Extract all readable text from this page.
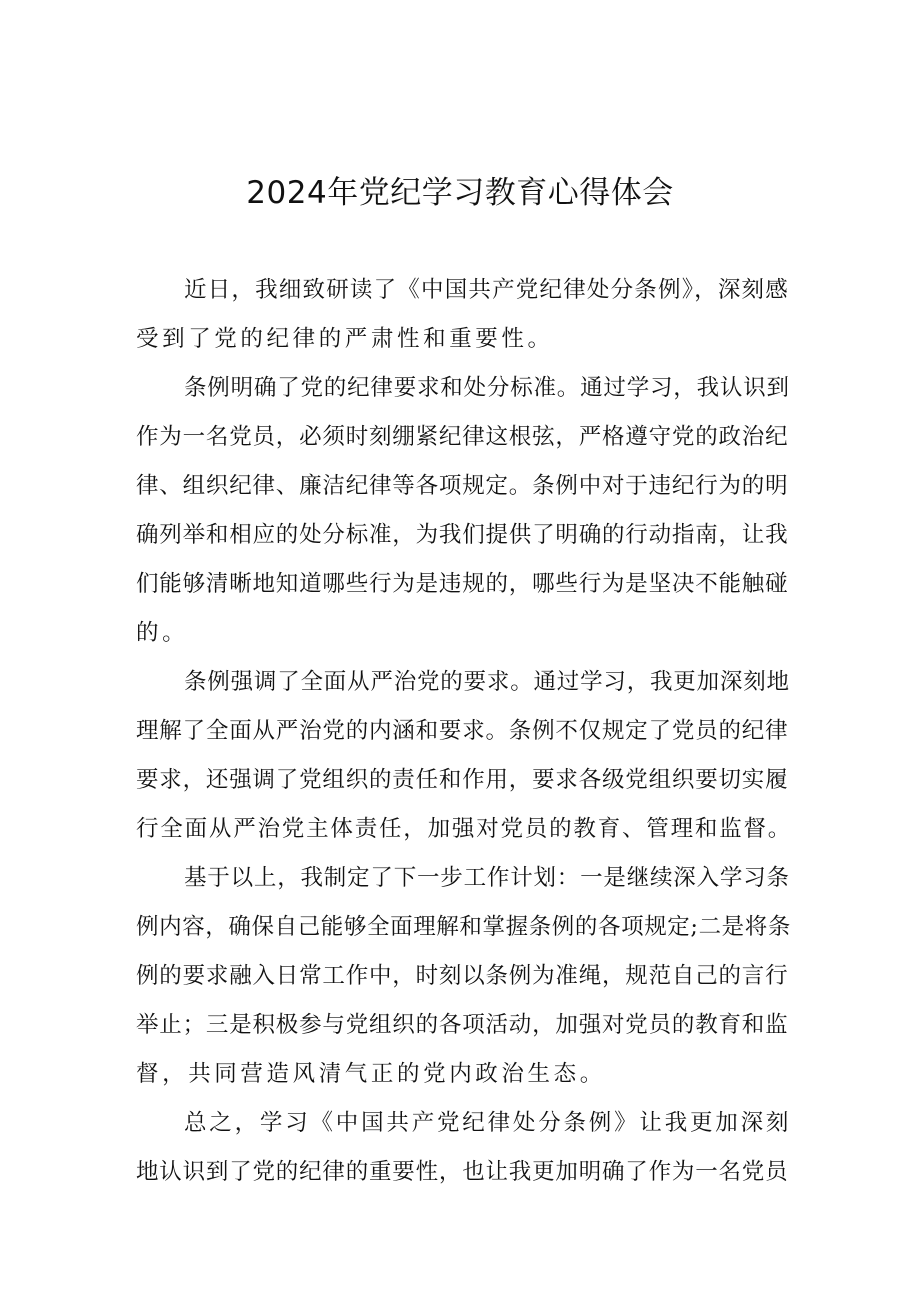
2024年党纪学习教育心得体会
近日，我细致研读了《中国共产党纪律处分条例》，深刻感
受到了党的纪律的严肃性和重要性。
条例明确了党的纪律要求和处分标准。通过学习，我认识到
作为一名党员，必须时刻绷紧纪律这根弦，严格遵守党的政治纪
律、组织纪律、廉洁纪律等各项规定。条例中对于违纪行为的明
确列举和相应的处分标准，为我们提供了明确的行动指南，让我
们能够清晰地知道哪些行为是违规的，哪些行为是坚决不能触碰
的。
条例强调了全面从严治党的要求。通过学习，我更加深刻地
理解了全面从严治党的内涵和要求。条例不仅规定了党员的纪律
要求，还强调了党组织的责任和作用，要求各级党组织要切实履
行全面从严治党主体责任，加强对党员的教育、管理和监督。
基于以上，我制定了下一步工作计划：一是继续深入学习条
例内容，确保自己能够全面理解和掌握条例的各项规定;二是将条
例的要求融入日常工作中，时刻以条例为准绳，规范自己的言行
举止；三是积极参与党组织的各项活动，加强对党员的教育和监
督，共同营造风清气正的党内政治生态。
总之，学习《中国共产党纪律处分条例》让我更加深刻
地认识到了党的纪律的重要性，也让我更加明确了作为一名党员
